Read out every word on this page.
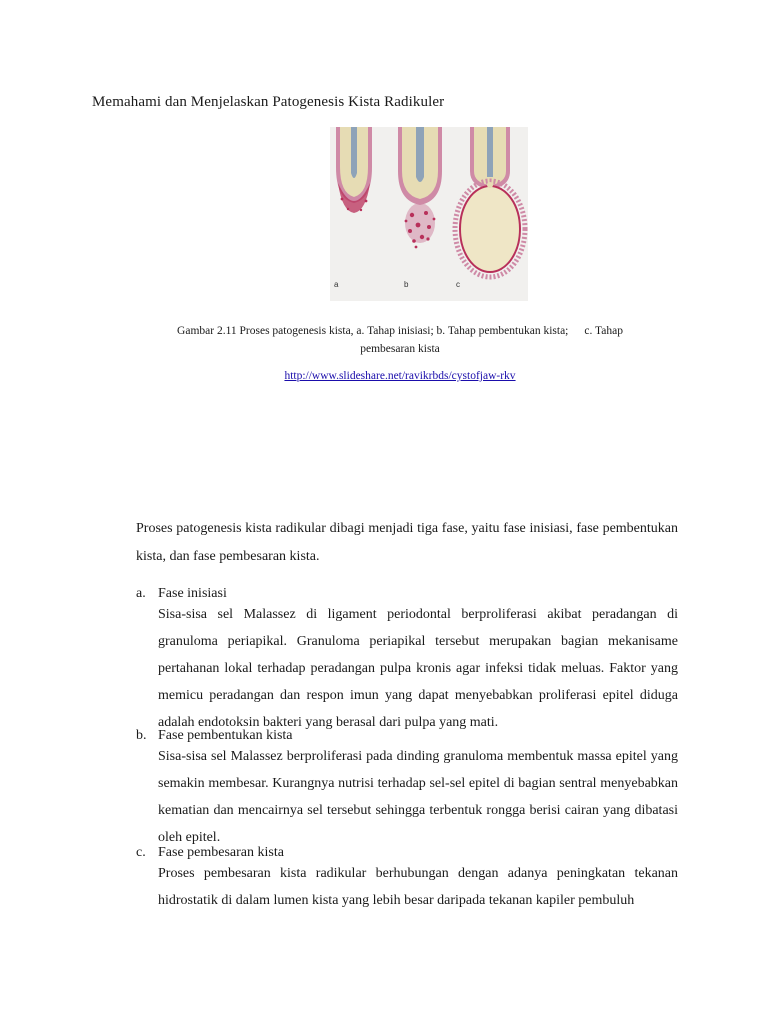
Memahami dan Menjelaskan Patogenesis Kista Radikuler
a	b	c
Gambar 2.11 Proses patogenesis kista, a. Tahap inisiasi; b. Tahap pembentukan kista; c. Tahap pembesaran kista
http://www.slideshare.net/ravikrbds/cystofjaw-rkv

Proses patogenesis kista radikular dibagi menjadi tiga fase, yaitu fase inisiasi, fase pembentukan kista, dan fase pembesaran kista.

a. Fase inisiasi
Sisa-sisa sel Malassez di ligament periodontal berproliferasi akibat peradangan di granuloma periapikal. Granuloma periapikal tersebut merupakan bagian mekanisame pertahanan lokal terhadap peradangan pulpa kronis agar infeksi tidak meluas. Faktor yang memicu peradangan dan respon imun yang dapat menyebabkan proliferasi epitel diduga adalah endotoksin bakteri yang berasal dari pulpa yang mati.
b. Fase pembentukan kista
Sisa-sisa sel Malassez berproliferasi pada dinding granuloma membentuk massa epitel yang semakin membesar. Kurangnya nutrisi terhadap sel-sel epitel di bagian sentral menyebabkan kematian dan mencairnya sel tersebut sehingga terbentuk rongga berisi cairan yang dibatasi oleh epitel.
c. Fase pembesaran kista
Proses pembesaran kista radikular berhubungan dengan adanya peningkatan tekanan hidrostatik di dalam lumen kista yang lebih besar daripada tekanan kapiler pembuluh
